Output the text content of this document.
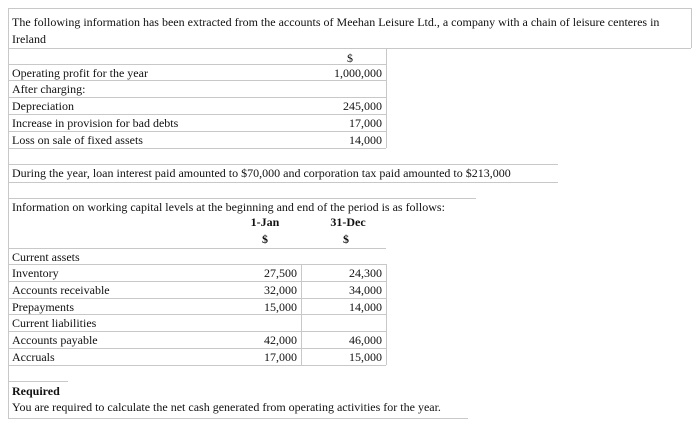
The following information has been extracted from the accounts of Meehan Leisure Ltd., a company with a chain of leisure centeres in Ireland
$
Operating profit for the year	1,000,000
After charging:
Depreciation	245,000
Increase in provision for bad debts	17,000
Loss on sale of fixed assets	14,000
During the year, loan interest paid amounted to $70,000 and corporation tax paid amounted to $213,000
Information on working capital levels at the beginning and end of the period is as follows:
1-Jan	31-Dec
$	$
Current assets
Inventory	27,500	24,300
Accounts receivable	32,000	34,000
Prepayments	15,000	14,000
Current liabilities
Accounts payable	42,000	46,000
Accruals	17,000	15,000
Required
You are required to calculate the net cash generated from operating activities for the year.
